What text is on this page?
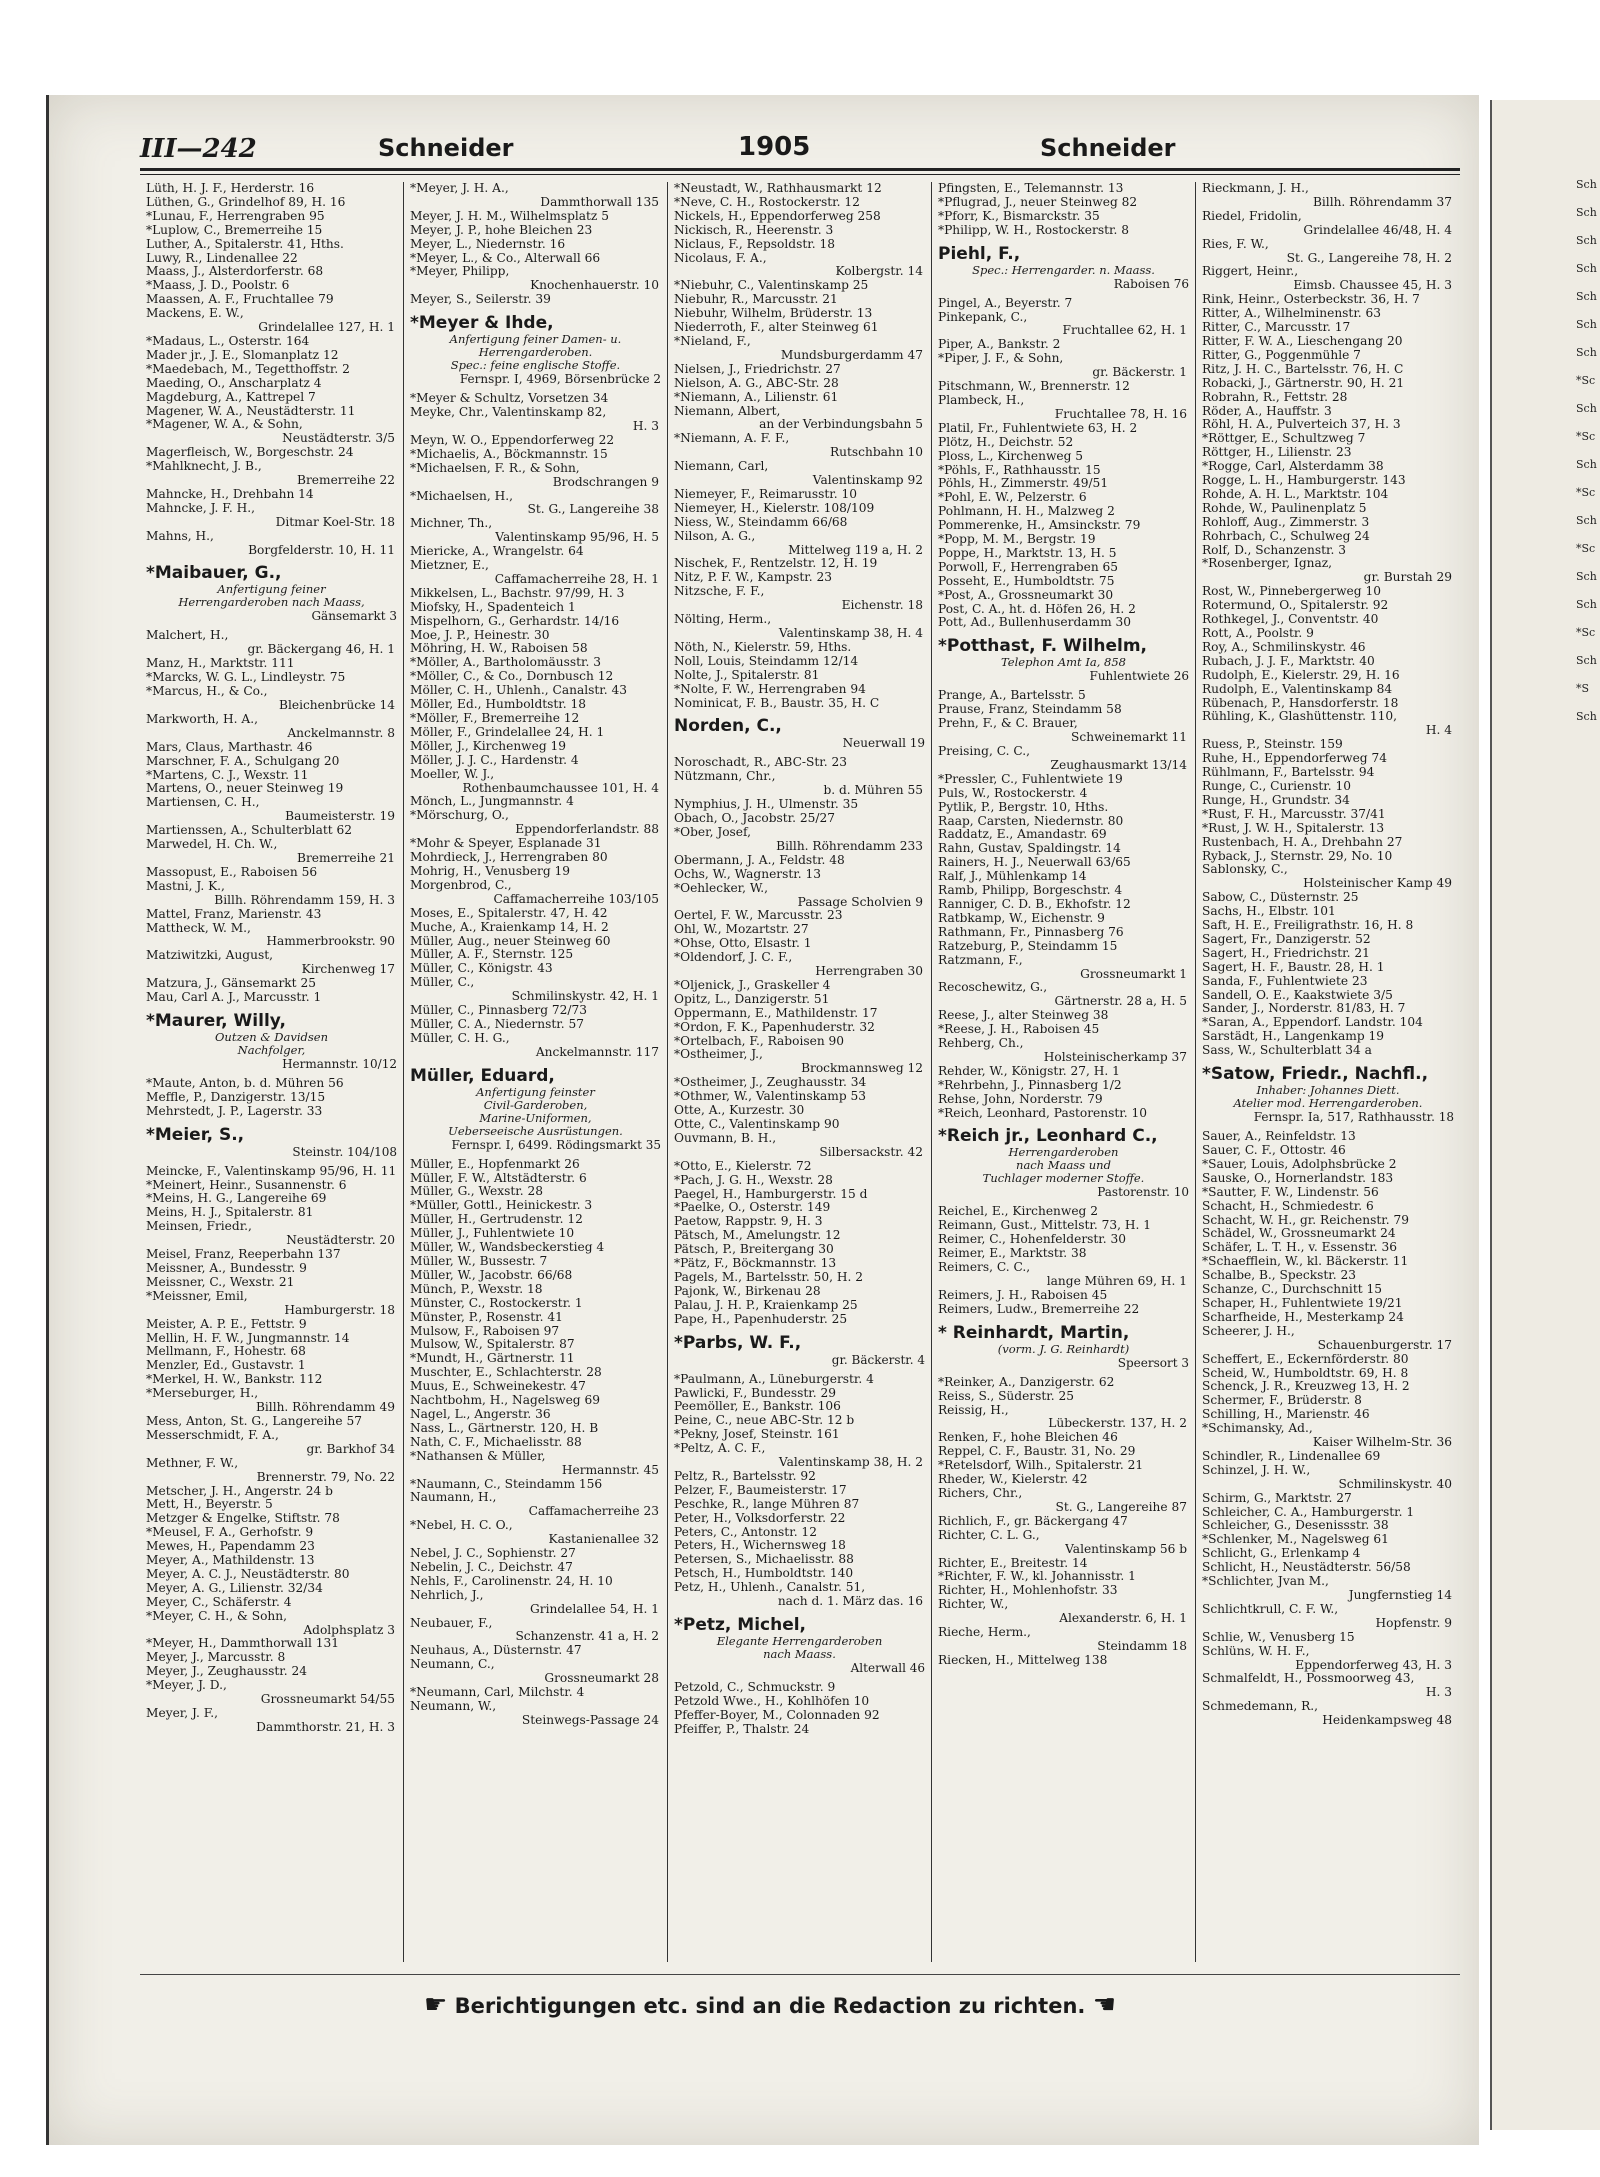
Sch
Sch
Sch
Sch
Sch
Sch
Sch
*Sc
Sch
*Sc
Sch
*Sc
Sch
*Sc
Sch
Sch
*Sc
Sch
*S
Sch
III—242	Schneider	1905	Schneider
Lüth, H. J. F., Herderstr. 16
Lüthen, G., Grindelhof 89, H. 16
*Lunau, F., Herrengraben 95
*Luplow, C., Bremerreihe 15
Luther, A., Spitalerstr. 41, Hths.
Luwy, R., Lindenallee 22
Maass, J., Alsterdorferstr. 68
*Maass, J. D., Poolstr. 6
Maassen, A. F., Fruchtallee 79
Mackens, E. W.,
Grindelallee 127, H. 1
*Madaus, L., Osterstr. 164
Mader jr., J. E., Slomanplatz 12
*Maedebach, M., Tegetthoffstr. 2
Maeding, O., Anscharplatz 4
Magdeburg, A., Kattrepel 7
Magener, W. A., Neustädterstr. 11
*Magener, W. A., & Sohn,
Neustädterstr. 3/5
Magerfleisch, W., Borgeschstr. 24
*Mahlknecht, J. B.,
Bremerreihe 22
Mahncke, H., Drehbahn 14
Mahncke, J. F. H.,
Ditmar Koel-Str. 18
Mahns, H.,
Borgfelderstr. 10, H. 11
*Maibauer, G.,
Anfertigung feiner
Herrengarderoben nach Maass,
Gänsemarkt 3
Malchert, H.,
gr. Bäckergang 46, H. 1
Manz, H., Marktstr. 111
*Marcks, W. G. L., Lindleystr. 75
*Marcus, H., & Co.,
Bleichenbrücke 14
Markworth, H. A.,
Anckelmannstr. 8
Mars, Claus, Marthastr. 46
Marschner, F. A., Schulgang 20
*Martens, C. J., Wexstr. 11
Martens, O., neuer Steinweg 19
Martiensen, C. H.,
Baumeisterstr. 19
Martienssen, A., Schulterblatt 62
Marwedel, H. Ch. W.,
Bremerreihe 21
Massopust, E., Raboisen 56
Mastni, J. K.,
Billh. Röhrendamm 159, H. 3
Mattel, Franz, Marienstr. 43
Mattheck, W. M.,
Hammerbrookstr. 90
Matziwitzki, August,
Kirchenweg 17
Matzura, J., Gänsemarkt 25
Mau, Carl A. J., Marcusstr. 1
*Maurer, Willy,
Outzen & Davidsen
Nachfolger,
Hermannstr. 10/12
*Maute, Anton, b. d. Mühren 56
Meffle, P., Danzigerstr. 13/15
Mehrstedt, J. P., Lagerstr. 33
*Meier, S.,
Steinstr. 104/108
Meincke, F., Valentinskamp 95/96, H. 11
*Meinert, Heinr., Susannenstr. 6
*Meins, H. G., Langereihe 69
Meins, H. J., Spitalerstr. 81
Meinsen, Friedr.,
Neustädterstr. 20
Meisel, Franz, Reeperbahn 137
Meissner, A., Bundesstr. 9
Meissner, C., Wexstr. 21
*Meissner, Emil,
Hamburgerstr. 18
Meister, A. P. E., Fettstr. 9
Mellin, H. F. W., Jungmannstr. 14
Mellmann, F., Hohestr. 68
Menzler, Ed., Gustavstr. 1
*Merkel, H. W., Bankstr. 112
*Merseburger, H.,
Billh. Röhrendamm 49
Mess, Anton, St. G., Langereihe 57
Messerschmidt, F. A.,
gr. Barkhof 34
Methner, F. W.,
Brennerstr. 79, No. 22
Metscher, J. H., Angerstr. 24 b
Mett, H., Beyerstr. 5
Metzger & Engelke, Stiftstr. 78
*Meusel, F. A., Gerhofstr. 9
Mewes, H., Papendamm 23
Meyer, A., Mathildenstr. 13
Meyer, A. C. J., Neustädterstr. 80
Meyer, A. G., Lilienstr. 32/34
Meyer, C., Schäferstr. 4
*Meyer, C. H., & Sohn,
Adolphsplatz 3
*Meyer, H., Dammthorwall 131
Meyer, J., Marcusstr. 8
Meyer, J., Zeughausstr. 24
*Meyer, J. D.,
Grossneumarkt 54/55
Meyer, J. F.,
Dammthorstr. 21, H. 3
*Meyer, J. H. A.,
Dammthorwall 135
Meyer, J. H. M., Wilhelmsplatz 5
Meyer, J. P., hohe Bleichen 23
Meyer, L., Niedernstr. 16
*Meyer, L., & Co., Alterwall 66
*Meyer, Philipp,
Knochenhauerstr. 10
Meyer, S., Seilerstr. 39
*Meyer & Ihde,
Anfertigung feiner Damen- u.
Herrengarderoben.
Spec.: feine englische Stoffe.
Fernspr. I, 4969, Börsenbrücke 2
*Meyer & Schultz, Vorsetzen 34
Meyke, Chr., Valentinskamp 82,
H. 3
Meyn, W. O., Eppendorferweg 22
*Michaelis, A., Böckmannstr. 15
*Michaelsen, F. R., & Sohn,
Brodschrangen 9
*Michaelsen, H.,
St. G., Langereihe 38
Michner, Th.,
Valentinskamp 95/96, H. 5
Miericke, A., Wrangelstr. 64
Mietzner, E.,
Caffamacherreihe 28, H. 1
Mikkelsen, L., Bachstr. 97/99, H. 3
Miofsky, H., Spadenteich 1
Mispelhorn, G., Gerhardstr. 14/16
Moe, J. P., Heinestr. 30
Möhring, H. W., Raboisen 58
*Möller, A., Bartholomäusstr. 3
*Möller, C., & Co., Dornbusch 12
Möller, C. H., Uhlenh., Canalstr. 43
Möller, Ed., Humboldtstr. 18
*Möller, F., Bremerreihe 12
Möller, F., Grindelallee 24, H. 1
Möller, J., Kirchenweg 19
Möller, J. J. C., Hardenstr. 4
Moeller, W. J.,
Rothenbaumchaussee 101, H. 4
Mönch, L., Jungmannstr. 4
*Mörschurg, O.,
Eppendorferlandstr. 88
*Mohr & Speyer, Esplanade 31
Mohrdieck, J., Herrengraben 80
Mohrig, H., Venusberg 19
Morgenbrod, C.,
Caffamacherreihe 103/105
Moses, E., Spitalerstr. 47, H. 42
Muche, A., Kraienkamp 14, H. 2
Müller, Aug., neuer Steinweg 60
Müller, A. F., Sternstr. 125
Müller, C., Königstr. 43
Müller, C.,
Schmilinskystr. 42, H. 1
Müller, C., Pinnasberg 72/73
Müller, C. A., Niedernstr. 57
Müller, C. H. G.,
Anckelmannstr. 117
Müller, Eduard,
Anfertigung feinster
Civil-Garderoben,
Marine-Uniformen,
Ueberseeische Ausrüstungen.
Fernspr. I, 6499. Rödingsmarkt 35
Müller, E., Hopfenmarkt 26
Müller, F. W., Altstädterstr. 6
Müller, G., Wexstr. 28
*Müller, Gottl., Heinickestr. 3
Müller, H., Gertrudenstr. 12
Müller, J., Fuhlentwiete 10
Müller, W., Wandsbeckerstieg 4
Müller, W., Bussestr. 7
Müller, W., Jacobstr. 66/68
Münch, P., Wexstr. 18
Münster, C., Rostockerstr. 1
Münster, P., Rosenstr. 41
Mulsow, F., Raboisen 97
Mulsow, W., Spitalerstr. 87
*Mundt, H., Gärtnerstr. 11
Muschter, E., Schlachterstr. 28
Muus, E., Schweinekestr. 47
Nachtbohm, H., Nagelsweg 69
Nagel, L., Angerstr. 36
Nass, L., Gärtnerstr. 120, H. B
Nath, C. F., Michaelisstr. 88
*Nathansen & Müller,
Hermannstr. 45
*Naumann, C., Steindamm 156
Naumann, H.,
Caffamacherreihe 23
*Nebel, H. C. O.,
Kastanienallee 32
Nebel, J. C., Sophienstr. 27
Nebelin, J. C., Deichstr. 47
Nehls, F., Carolinenstr. 24, H. 10
Nehrlich, J.,
Grindelallee 54, H. 1
Neubauer, F.,
Schanzenstr. 41 a, H. 2
Neuhaus, A., Düsternstr. 47
Neumann, C.,
Grossneumarkt 28
*Neumann, Carl, Milchstr. 4
Neumann, W.,
Steinwegs-Passage 24
*Neustadt, W., Rathhausmarkt 12
*Neve, C. H., Rostockerstr. 12
Nickels, H., Eppendorferweg 258
Nickisch, R., Heerenstr. 3
Niclaus, F., Repsoldstr. 18
Nicolaus, F. A.,
Kolbergstr. 14
*Niebuhr, C., Valentinskamp 25
Niebuhr, R., Marcusstr. 21
Niebuhr, Wilhelm, Brüderstr. 13
Niederroth, F., alter Steinweg 61
*Nieland, F.,
Mundsburgerdamm 47
Nielsen, J., Friedrichstr. 27
Nielson, A. G., ABC-Str. 28
*Niemann, A., Lilienstr. 61
Niemann, Albert,
an der Verbindungsbahn 5
*Niemann, A. F. F.,
Rutschbahn 10
Niemann, Carl,
Valentinskamp 92
Niemeyer, F., Reimarusstr. 10
Niemeyer, H., Kielerstr. 108/109
Niess, W., Steindamm 66/68
Nilson, A. G.,
Mittelweg 119 a, H. 2
Nischek, F., Rentzelstr. 12, H. 19
Nitz, P. F. W., Kampstr. 23
Nitzsche, F. F.,
Eichenstr. 18
Nölting, Herm.,
Valentinskamp 38, H. 4
Nöth, N., Kielerstr. 59, Hths.
Noll, Louis, Steindamm 12/14
Nolte, J., Spitalerstr. 81
*Nolte, F. W., Herrengraben 94
Nominicat, F. B., Baustr. 35, H. C
Norden, C.,
Neuerwall 19
Noroschadt, R., ABC-Str. 23
Nützmann, Chr.,
b. d. Mühren 55
Nymphius, J. H., Ulmenstr. 35
Obach, O., Jacobstr. 25/27
*Ober, Josef,
Billh. Röhrendamm 233
Obermann, J. A., Feldstr. 48
Ochs, W., Wagnerstr. 13
*Oehlecker, W.,
Passage Scholvien 9
Oertel, F. W., Marcusstr. 23
Ohl, W., Mozartstr. 27
*Ohse, Otto, Elsastr. 1
*Oldendorf, J. C. F.,
Herrengraben 30
*Oljenick, J., Graskeller 4
Opitz, L., Danzigerstr. 51
Oppermann, E., Mathildenstr. 17
*Ordon, F. K., Papenhuderstr. 32
*Ortelbach, F., Raboisen 90
*Ostheimer, J.,
Brockmannsweg 12
*Ostheimer, J., Zeughausstr. 34
*Othmer, W., Valentinskamp 53
Otte, A., Kurzestr. 30
Otte, C., Valentinskamp 90
Ouvmann, B. H.,
Silbersackstr. 42
*Otto, E., Kielerstr. 72
*Pach, J. G. H., Wexstr. 28
Paegel, H., Hamburgerstr. 15 d
*Paelke, O., Osterstr. 149
Paetow, Rappstr. 9, H. 3
Pätsch, M., Amelungstr. 12
Pätsch, P., Breitergang 30
*Pätz, F., Böckmannstr. 13
Pagels, M., Bartelsstr. 50, H. 2
Pajonk, W., Birkenau 28
Palau, J. H. P., Kraienkamp 25
Pape, H., Papenhuderstr. 25
*Parbs, W. F.,
gr. Bäckerstr. 4
*Paulmann, A., Lüneburgerstr. 4
Pawlicki, F., Bundesstr. 29
Peemöller, E., Bankstr. 106
Peine, C., neue ABC-Str. 12 b
*Pekny, Josef, Steinstr. 161
*Peltz, A. C. F.,
Valentinskamp 38, H. 2
Peltz, R., Bartelsstr. 92
Pelzer, F., Baumeisterstr. 17
Peschke, R., lange Mühren 87
Peter, H., Volksdorferstr. 22
Peters, C., Antonstr. 12
Peters, H., Wichernsweg 18
Petersen, S., Michaelisstr. 88
Petsch, H., Humboldtstr. 140
Petz, H., Uhlenh., Canalstr. 51,
nach d. 1. März das. 16
*Petz, Michel,
Elegante Herrengarderoben
nach Maass.
Alterwall 46
Petzold, C., Schmuckstr. 9
Petzold Wwe., H., Kohlhöfen 10
Pfeffer-Boyer, M., Colonnaden 92
Pfeiffer, P., Thalstr. 24
Pfingsten, E., Telemannstr. 13
*Pflugrad, J., neuer Steinweg 82
*Pforr, K., Bismarckstr. 35
*Philipp, W. H., Rostockerstr. 8
Piehl, F.,
Spec.: Herrengarder. n. Maass.
Raboisen 76
Pingel, A., Beyerstr. 7
Pinkepank, C.,
Fruchtallee 62, H. 1
Piper, A., Bankstr. 2
*Piper, J. F., & Sohn,
gr. Bäckerstr. 1
Pitschmann, W., Brennerstr. 12
Plambeck, H.,
Fruchtallee 78, H. 16
Platil, Fr., Fuhlentwiete 63, H. 2
Plötz, H., Deichstr. 52
Ploss, L., Kirchenweg 5
*Pöhls, F., Rathhausstr. 15
Pöhls, H., Zimmerstr. 49/51
*Pohl, E. W., Pelzerstr. 6
Pohlmann, H. H., Malzweg 2
Pommerenke, H., Amsinckstr. 79
*Popp, M. M., Bergstr. 19
Poppe, H., Marktstr. 13, H. 5
Porwoll, F., Herrengraben 65
Posseht, E., Humboldtstr. 75
*Post, A., Grossneumarkt 30
Post, C. A., ht. d. Höfen 26, H. 2
Pott, Ad., Bullenhuserdamm 30
*Potthast, F. Wilhelm,
Telephon Amt Ia, 858
Fuhlentwiete 26
Prange, A., Bartelsstr. 5
Prause, Franz, Steindamm 58
Prehn, F., & C. Brauer,
Schweinemarkt 11
Preising, C. C.,
Zeughausmarkt 13/14
*Pressler, C., Fuhlentwiete 19
Puls, W., Rostockerstr. 4
Pytlik, P., Bergstr. 10, Hths.
Raap, Carsten, Niedernstr. 80
Raddatz, E., Amandastr. 69
Rahn, Gustav, Spaldingstr. 14
Rainers, H. J., Neuerwall 63/65
Ralf, J., Mühlenkamp 14
Ramb, Philipp, Borgeschstr. 4
Ranniger, C. D. B., Ekhofstr. 12
Ratbkamp, W., Eichenstr. 9
Rathmann, Fr., Pinnasberg 76
Ratzeburg, P., Steindamm 15
Ratzmann, F.,
Grossneumarkt 1
Recoschewitz, G.,
Gärtnerstr. 28 a, H. 5
Reese, J., alter Steinweg 38
*Reese, J. H., Raboisen 45
Rehberg, Ch.,
Holsteinischerkamp 37
Rehder, W., Königstr. 27, H. 1
*Rehrbehn, J., Pinnasberg 1/2
Rehse, John, Norderstr. 79
*Reich, Leonhard, Pastorenstr. 10
*Reich jr., Leonhard C.,
Herrengarderoben
nach Maass und
Tuchlager moderner Stoffe.
Pastorenstr. 10
Reichel, E., Kirchenweg 2
Reimann, Gust., Mittelstr. 73, H. 1
Reimer, C., Hohenfelderstr. 30
Reimer, E., Marktstr. 38
Reimers, C. C.,
lange Mühren 69, H. 1
Reimers, J. H., Raboisen 45
Reimers, Ludw., Bremerreihe 22
* Reinhardt, Martin,
(vorm. J. G. Reinhardt)
Speersort 3
*Reinker, A., Danzigerstr. 62
Reiss, S., Süderstr. 25
Reissig, H.,
Lübeckerstr. 137, H. 2
Renken, F., hohe Bleichen 46
Reppel, C. F., Baustr. 31, No. 29
*Retelsdorf, Wilh., Spitalerstr. 21
Rheder, W., Kielerstr. 42
Richers, Chr.,
St. G., Langereihe 87
Richlich, F., gr. Bäckergang 47
Richter, C. L. G.,
Valentinskamp 56 b
Richter, E., Breitestr. 14
*Richter, F. W., kl. Johannisstr. 1
Richter, H., Mohlenhofstr. 33
Richter, W.,
Alexanderstr. 6, H. 1
Rieche, Herm.,
Steindamm 18
Riecken, H., Mittelweg 138
Rieckmann, J. H.,
Billh. Röhrendamm 37
Riedel, Fridolin,
Grindelallee 46/48, H. 4
Ries, F. W.,
St. G., Langereihe 78, H. 2
Riggert, Heinr.,
Eimsb. Chaussee 45, H. 3
Rink, Heinr., Osterbeckstr. 36, H. 7
Ritter, A., Wilhelminenstr. 63
Ritter, C., Marcusstr. 17
Ritter, F. W. A., Lieschengang 20
Ritter, G., Poggenmühle 7
Ritz, J. H. C., Bartelsstr. 76, H. C
Robacki, J., Gärtnerstr. 90, H. 21
Robrahn, R., Fettstr. 28
Röder, A., Hauffstr. 3
Röhl, H. A., Pulverteich 37, H. 3
*Röttger, E., Schultzweg 7
Röttger, H., Lilienstr. 23
*Rogge, Carl, Alsterdamm 38
Rogge, L. H., Hamburgerstr. 143
Rohde, A. H. L., Marktstr. 104
Rohde, W., Paulinenplatz 5
Rohloff, Aug., Zimmerstr. 3
Rohrbach, C., Schulweg 24
Rolf, D., Schanzenstr. 3
*Rosenberger, Ignaz,
gr. Burstah 29
Rost, W., Pinnebergerweg 10
Rotermund, O., Spitalerstr. 92
Rothkegel, J., Conventstr. 40
Rott, A., Poolstr. 9
Roy, A., Schmilinskystr. 46
Rubach, J. J. F., Marktstr. 40
Rudolph, E., Kielerstr. 29, H. 16
Rudolph, E., Valentinskamp 84
Rübenach, P., Hansdorferstr. 18
Rühling, K., Glashüttenstr. 110,
H. 4
Ruess, P., Steinstr. 159
Ruhe, H., Eppendorferweg 74
Rühlmann, F., Bartelsstr. 94
Runge, C., Curienstr. 10
Runge, H., Grundstr. 34
*Rust, F. H., Marcusstr. 37/41
*Rust, J. W. H., Spitalerstr. 13
Rustenbach, H. A., Drehbahn 27
Ryback, J., Sternstr. 29, No. 10
Sablonsky, C.,
Holsteinischer Kamp 49
Sabow, C., Düsternstr. 25
Sachs, H., Elbstr. 101
Saft, H. E., Freiligrathstr. 16, H. 8
Sagert, Fr., Danzigerstr. 52
Sagert, H., Friedrichstr. 21
Sagert, H. F., Baustr. 28, H. 1
Sanda, F., Fuhlentwiete 23
Sandell, O. E., Kaakstwiete 3/5
Sander, J., Norderstr. 81/83, H. 7
*Saran, A., Eppendorf. Landstr. 104
Sarstädt, H., Langenkamp 19
Sass, W., Schulterblatt 34 a
*Satow, Friedr., Nachfl.,
Inhaber: Johannes Diett.
Atelier mod. Herrengarderoben.
Fernspr. Ia, 517, Rathhausstr. 18
Sauer, A., Reinfeldstr. 13
Sauer, C. F., Ottostr. 46
*Sauer, Louis, Adolphsbrücke 2
Sauske, O., Hornerlandstr. 183
*Sautter, F. W., Lindenstr. 56
Schacht, H., Schmiedestr. 6
Schacht, W. H., gr. Reichenstr. 79
Schädel, W., Grossneumarkt 24
Schäfer, L. T. H., v. Essenstr. 36
*Schaefflein, W., kl. Bäckerstr. 11
Schalbe, B., Speckstr. 23
Schanze, C., Durchschnitt 15
Schaper, H., Fuhlentwiete 19/21
Scharfheide, H., Mesterkamp 24
Scheerer, J. H.,
Schauenburgerstr. 17
Scheffert, E., Eckernförderstr. 80
Scheid, W., Humboldtstr. 69, H. 8
Schenck, J. R., Kreuzweg 13, H. 2
Schermer, F., Brüderstr. 8
Schilling, H., Marienstr. 46
*Schimansky, Ad.,
Kaiser Wilhelm-Str. 36
Schindler, R., Lindenallee 69
Schinzel, J. H. W.,
Schmilinskystr. 40
Schirm, G., Marktstr. 27
Schleicher, C. A., Hamburgerstr. 1
Schleicher, G., Desenissstr. 38
*Schlenker, M., Nagelsweg 61
Schlicht, G., Erlenkamp 4
Schlicht, H., Neustädterstr. 56/58
*Schlichter, Jvan M.,
Jungfernstieg 14
Schlichtkrull, C. F. W.,
Hopfenstr. 9
Schlie, W., Venusberg 15
Schlüns, W. H. F.,
Eppendorferweg 43, H. 3
Schmalfeldt, H., Possmoorweg 43,
H. 3
Schmedemann, R.,
Heidenkampsweg 48
☛ Berichtigungen etc. sind an die Redaction zu richten. ☚
